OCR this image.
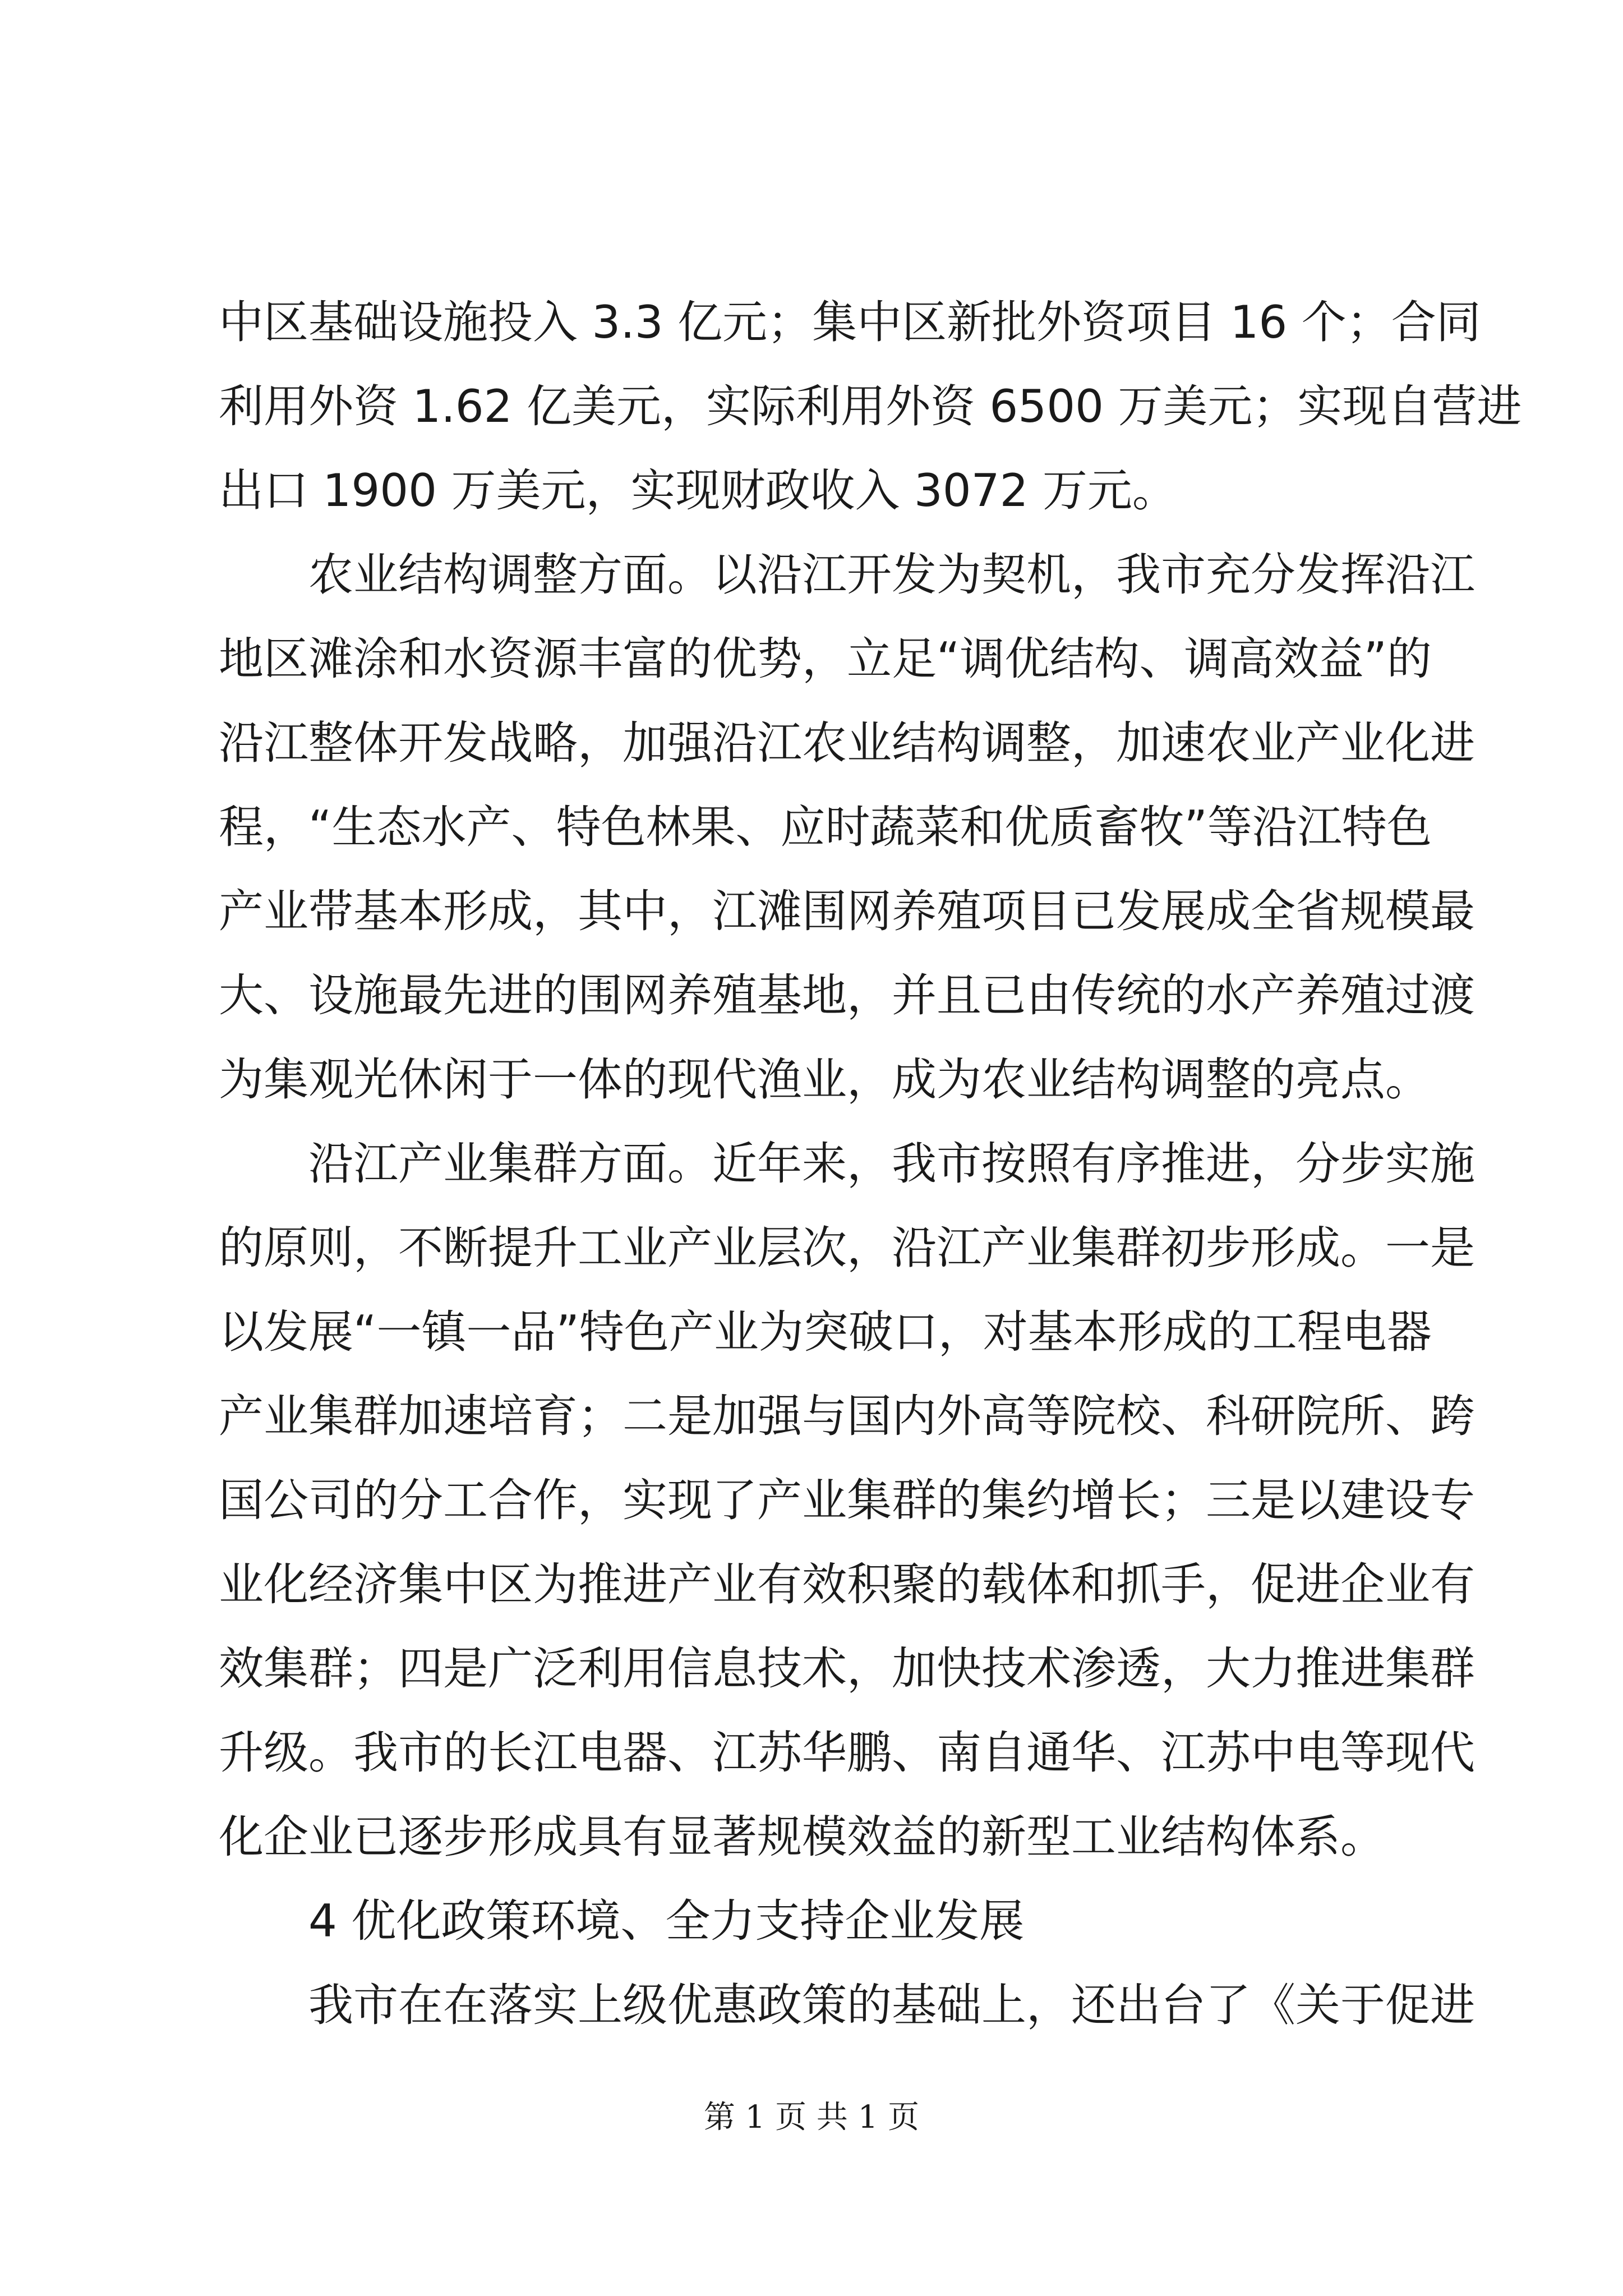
中区基础设施投入 3.3 亿元；集中区新批外资项目 16 个；合同
利用外资 1.62 亿美元，实际利用外资 6500 万美元；实现自营进
出口 1900 万美元，实现财政收入 3072 万元。
农业结构调整方面。以沿江开发为契机，我市充分发挥沿江
地区滩涂和水资源丰富的优势，立足“调优结构、调高效益”的
沿江整体开发战略，加强沿江农业结构调整，加速农业产业化进
程，“生态水产、特色林果、应时蔬菜和优质畜牧”等沿江特色
产业带基本形成，其中，江滩围网养殖项目已发展成全省规模最
大、设施最先进的围网养殖基地，并且已由传统的水产养殖过渡
为集观光休闲于一体的现代渔业，成为农业结构调整的亮点。
沿江产业集群方面。近年来，我市按照有序推进，分步实施
的原则，不断提升工业产业层次，沿江产业集群初步形成。一是
以发展“一镇一品”特色产业为突破口，对基本形成的工程电器
产业集群加速培育；二是加强与国内外高等院校、科研院所、跨
国公司的分工合作，实现了产业集群的集约增长；三是以建设专
业化经济集中区为推进产业有效积聚的载体和抓手，促进企业有
效集群；四是广泛利用信息技术，加快技术渗透，大力推进集群
升级。我市的长江电器、江苏华鹏、南自通华、江苏中电等现代
化企业已逐步形成具有显著规模效益的新型工业结构体系。
4 优化政策环境、全力支持企业发展
我市在在落实上级优惠政策的基础上，还出台了《关于促进
第 1 页 共 1 页
